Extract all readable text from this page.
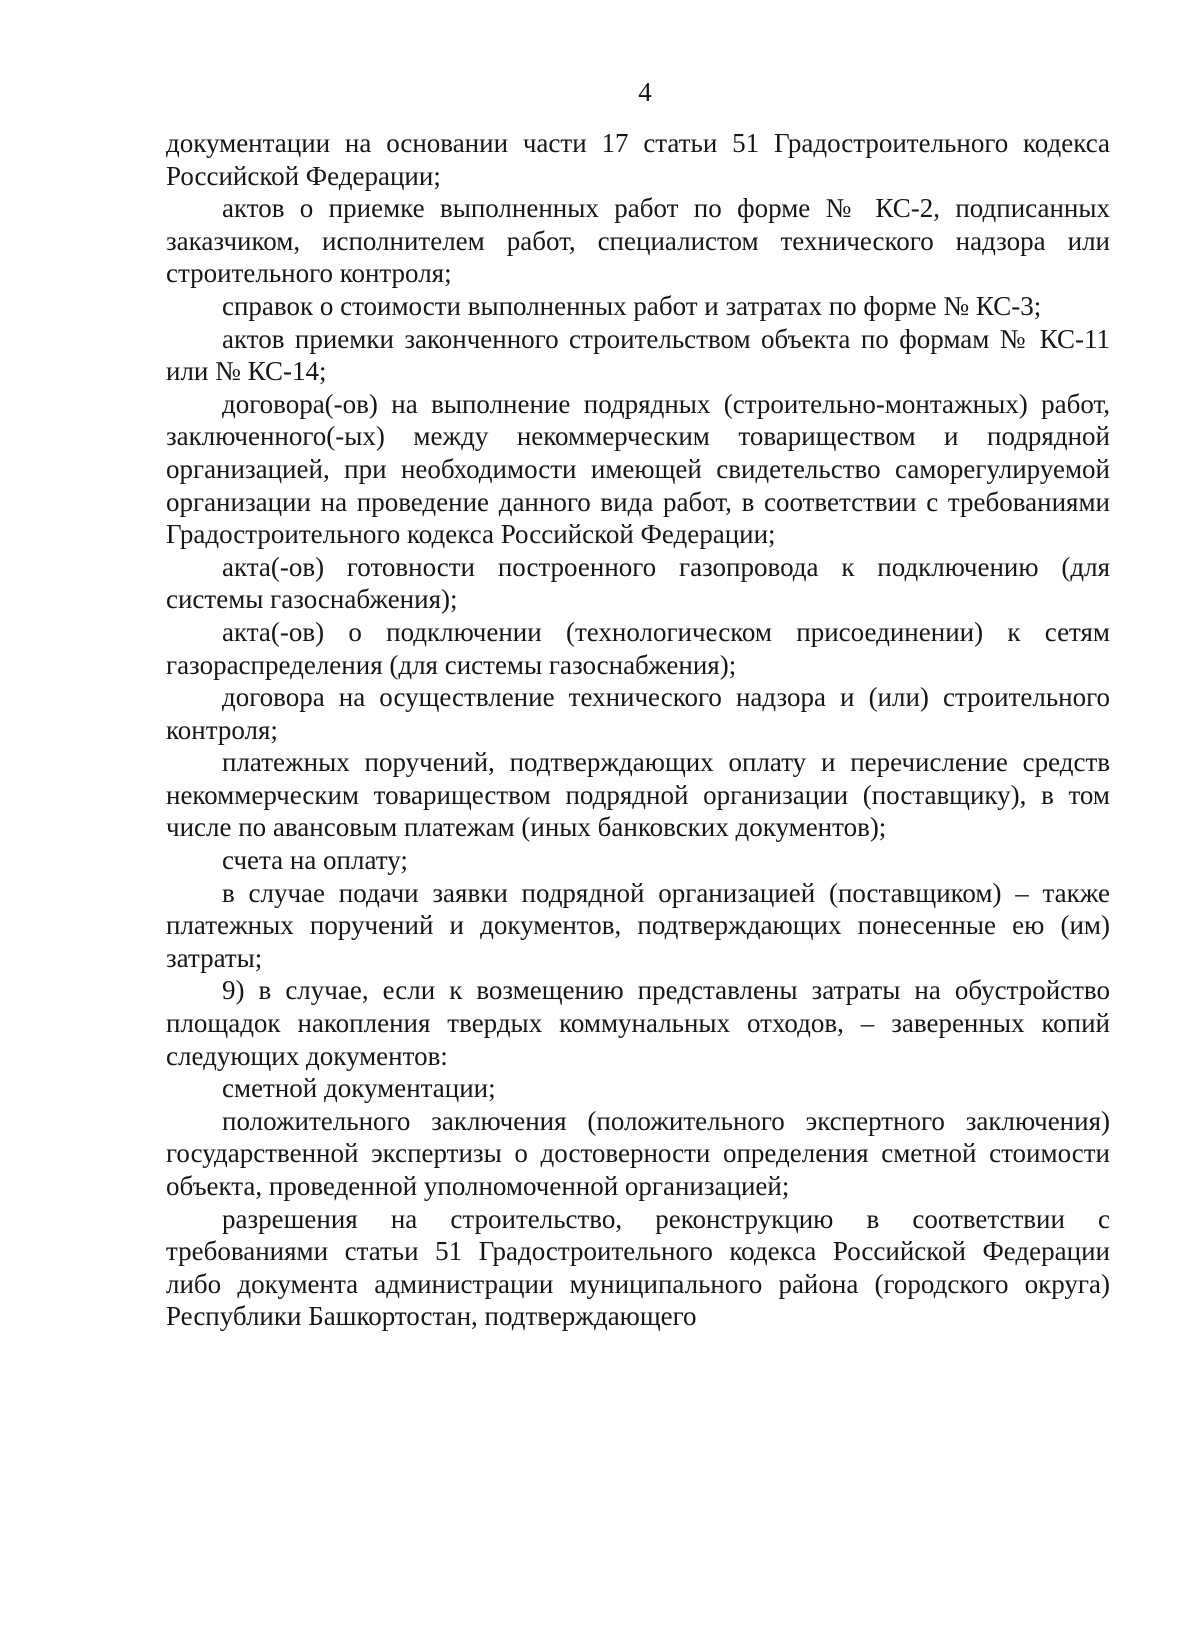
4

документации на основании части 17 статьи 51 Градостроительного кодекса Российской Федерации;

актов о приемке выполненных работ по форме № КС-2, подписанных заказчиком, исполнителем работ, специалистом технического надзора или строительного контроля;

справок о стоимости выполненных работ и затратах по форме № КС-3;

актов приемки законченного строительством объекта по формам № КС-11 или № КС-14;

договора(-ов) на выполнение подрядных (строительно-монтажных) работ, заключенного(-ых) между некоммерческим товариществом и подрядной организацией, при необходимости имеющей свидетельство саморегулируемой организации на проведение данного вида работ, в соответствии с требованиями Градостроительного кодекса Российской Федерации;

акта(-ов) готовности построенного газопровода к подключению (для системы газоснабжения);

акта(-ов) о подключении (технологическом присоединении) к сетям газораспределения (для системы газоснабжения);

договора на осуществление технического надзора и (или) строительного контроля;

платежных поручений, подтверждающих оплату и перечисление средств некоммерческим товариществом подрядной организации (поставщику), в том числе по авансовым платежам (иных банковских документов);

счета на оплату;

в случае подачи заявки подрядной организацией (поставщиком) – также платежных поручений и документов, подтверждающих понесенные ею (им) затраты;

9) в случае, если к возмещению представлены затраты на обустройство площадок накопления твердых коммунальных отходов, – заверенных копий следующих документов:

сметной документации;

положительного заключения (положительного экспертного заключения) государственной экспертизы о достоверности определения сметной стоимости объекта, проведенной уполномоченной организацией;

разрешения на строительство, реконструкцию в соответствии с требованиями статьи 51 Градостроительного кодекса Российской Федерации либо документа администрации муниципального района (городского округа) Республики Башкортостан, подтверждающего
